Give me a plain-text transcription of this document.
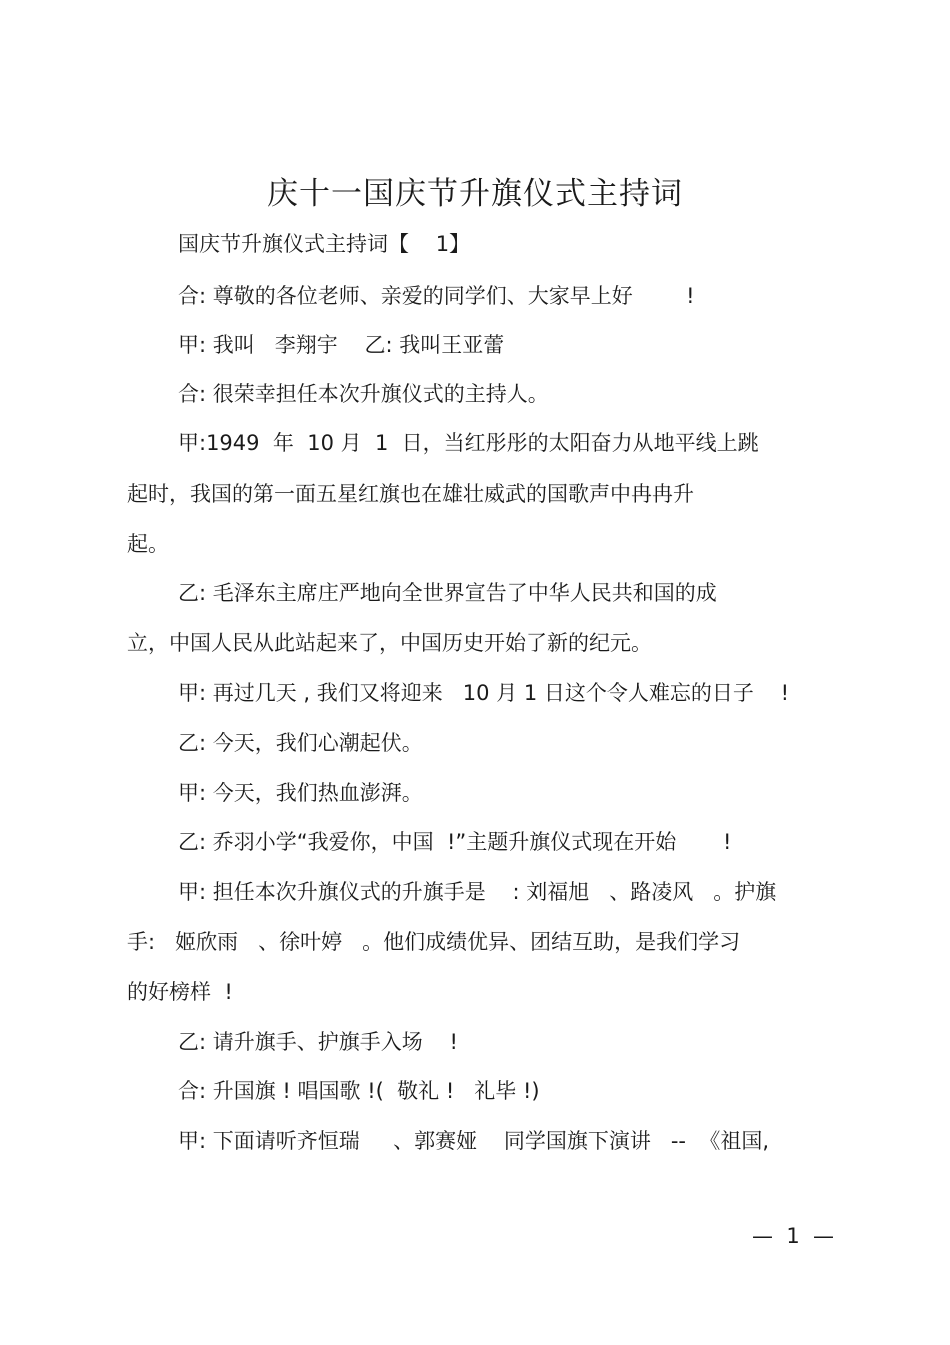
庆十一国庆节升旗仪式主持词
国庆节升旗仪式主持词【    1】
合: 尊敬的各位老师、亲爱的同学们、大家早上好        !
甲: 我叫   李翔宇    乙: 我叫王亚蕾
合: 很荣幸担任本次升旗仪式的主持人。
甲:1949  年  10 月  1  日，当红彤彤的太阳奋力从地平线上跳
起时，我国的第一面五星红旗也在雄壮威武的国歌声中冉冉升
起。
乙: 毛泽东主席庄严地向全世界宣告了中华人民共和国的成
立，中国人民从此站起来了，中国历史开始了新的纪元。
甲: 再过几天 , 我们又将迎来   10 月 1 日这个令人难忘的日子    !
乙: 今天，我们心潮起伏。
甲: 今天，我们热血澎湃。
乙: 乔羽小学“我爱你，中国  !”主题升旗仪式现在开始       !
甲: 担任本次升旗仪式的升旗手是    : 刘福旭   、路凌风   。护旗
手:   姬欣雨   、徐叶婷   。他们成绩优异、团结互助，是我们学习
的好榜样  !
乙: 请升旗手、护旗手入场    !
合: 升国旗 ! 唱国歌 !(  敬礼 !   礼毕 !)
甲: 下面请听齐恒瑞     、郭赛娅    同学国旗下演讲   --  《祖国,
—  1  —
